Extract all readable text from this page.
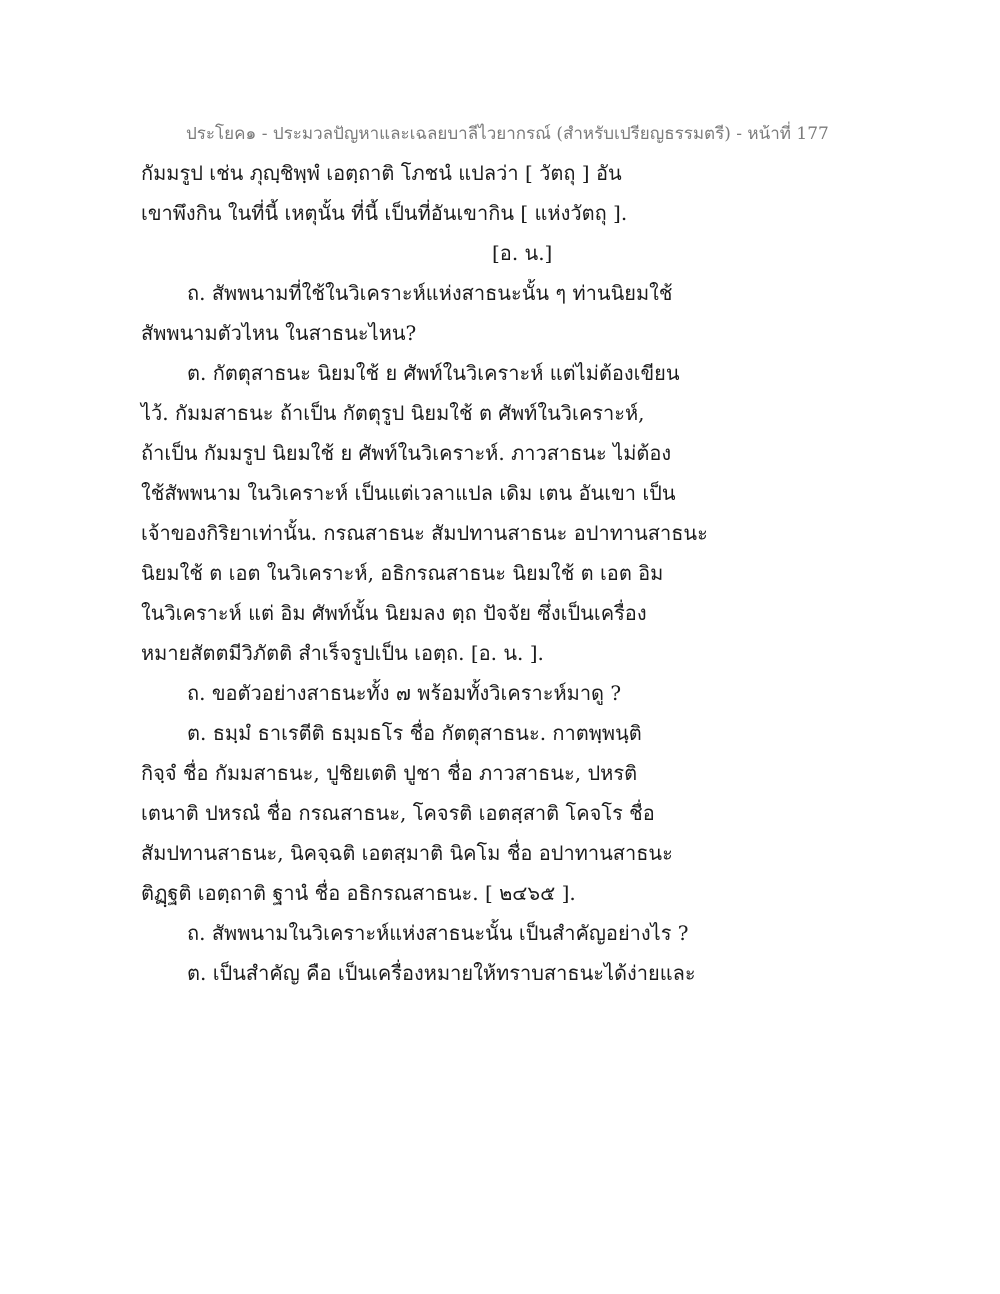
ประโยค๑ - ประมวลปัญหาและเฉลยบาลีไวยากรณ์ (สำหรับเปรียญธรรมตรี) - หน้าที่ 177
กัมมรูป เช่น ภุญฺชิพฺพํ เอตฺถาติ โภชนํ แปลว่า [ วัตถุ ] อัน
เขาพึงกิน ในที่นี้ เหตุนั้น ที่นี้ เป็นที่อันเขากิน [ แห่งวัตถุ ].
[อ. น.]
ถ. สัพพนามที่ใช้ในวิเคราะห์แห่งสาธนะนั้น ๆ ท่านนิยมใช้
สัพพนามตัวไหน ในสาธนะไหน?
ต. กัตตุสาธนะ นิยมใช้ ย ศัพท์ในวิเคราะห์ แต่ไม่ต้องเขียน
ไว้. กัมมสาธนะ ถ้าเป็น กัตตุรูป นิยมใช้ ต ศัพท์ในวิเคราะห์,
ถ้าเป็น กัมมรูป นิยมใช้ ย ศัพท์ในวิเคราะห์. ภาวสาธนะ ไม่ต้อง
ใช้สัพพนาม ในวิเคราะห์ เป็นแต่เวลาแปล เดิม เตน อันเขา เป็น
เจ้าของกิริยาเท่านั้น. กรณสาธนะ สัมปทานสาธนะ อปาทานสาธนะ
นิยมใช้ ต เอต ในวิเคราะห์, อธิกรณสาธนะ นิยมใช้ ต เอต อิม
ในวิเคราะห์ แต่ อิม ศัพท์นั้น นิยมลง ตฺถ ปัจจัย ซึ่งเป็นเครื่อง
หมายสัตตมีวิภัตติ สำเร็จรูปเป็น เอตฺถ. [อ. น. ].
ถ. ขอตัวอย่างสาธนะทั้ง ๗ พร้อมทั้งวิเคราะห์มาดู ?
ต. ธมฺมํ ธาเรตีติ ธมฺมธโร ชื่อ กัตตุสาธนะ. กาตพฺพนฺติ
กิจฺจํ ชื่อ กัมมสาธนะ, ปูชิยเตติ ปูชา ชื่อ ภาวสาธนะ, ปหรติ
เตนาติ ปหรณํ ชื่อ กรณสาธนะ, โคจรติ เอตสฺสาติ โคจโร ชื่อ
สัมปทานสาธนะ, นิคจฺฉติ เอตสฺมาติ นิคโม ชื่อ อปาทานสาธนะ
ติฏฺฐติ เอตฺถาติ ฐานํ ชื่อ อธิกรณสาธนะ. [ ๒๔๖๕ ].
ถ. สัพพนามในวิเคราะห์แห่งสาธนะนั้น เป็นสำคัญอย่างไร ?
ต. เป็นสำคัญ คือ เป็นเครื่องหมายให้ทราบสาธนะได้ง่ายและ
